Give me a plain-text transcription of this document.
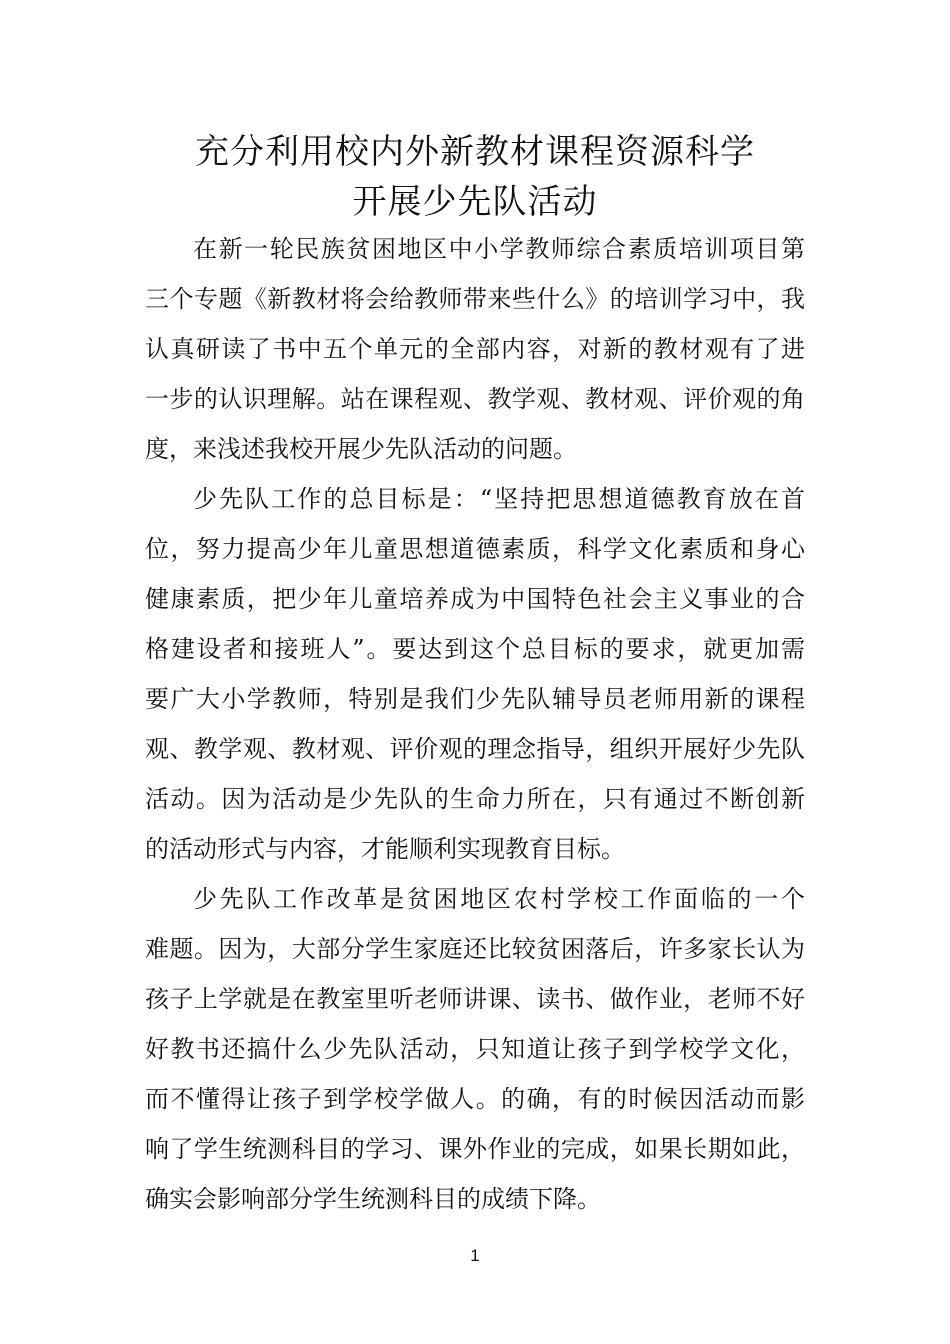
充分利用校内外新教材课程资源科学
开展少先队活动
在新一轮民族贫困地区中小学教师综合素质培训项目第
三个专题《新教材将会给教师带来些什么》的培训学习中，我
认真研读了书中五个单元的全部内容，对新的教材观有了进
一步的认识理解。站在课程观、教学观、教材观、评价观的角
度，来浅述我校开展少先队活动的问题。
少先队工作的总目标是：“坚持把思想道德教育放在首
位，努力提高少年儿童思想道德素质，科学文化素质和身心
健康素质，把少年儿童培养成为中国特色社会主义事业的合
格建设者和接班人”。要达到这个总目标的要求，就更加需
要广大小学教师，特别是我们少先队辅导员老师用新的课程
观、教学观、教材观、评价观的理念指导，组织开展好少先队
活动。因为活动是少先队的生命力所在，只有通过不断创新
的活动形式与内容，才能顺利实现教育目标。
少先队工作改革是贫困地区农村学校工作面临的一个
难题。因为，大部分学生家庭还比较贫困落后，许多家长认为
孩子上学就是在教室里听老师讲课、读书、做作业，老师不好
好教书还搞什么少先队活动，只知道让孩子到学校学文化，
而不懂得让孩子到学校学做人。的确，有的时候因活动而影
响了学生统测科目的学习、课外作业的完成，如果长期如此，
确实会影响部分学生统测科目的成绩下降。
1
